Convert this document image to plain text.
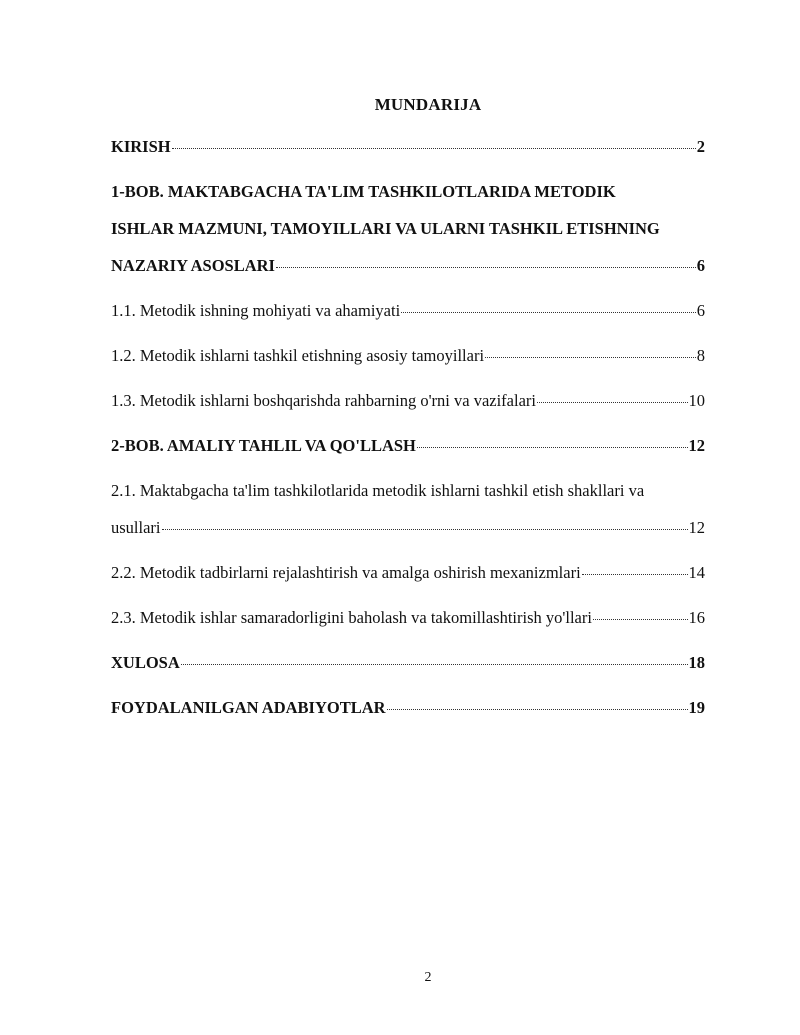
MUNDARIJA
KIRISH	2
1-BOB. MAKTABGACHA TA'LIM TASHKILOTLARIDA METODIK
ISHLAR MAZMUNI, TAMOYILLARI VA ULARNI TASHKIL ETISHNING
NAZARIY ASOSLARI	6
1.1. Metodik ishning mohiyati va ahamiyati	6
1.2. Metodik ishlarni tashkil etishning asosiy tamoyillari	8
1.3. Metodik ishlarni boshqarishda rahbarning o'rni va vazifalari	10
2-BOB. AMALIY TAHLIL VA QO'LLASH	12
2.1. Maktabgacha ta'lim tashkilotlarida metodik ishlarni tashkil etish shakllari va
usullari	12
2.2. Metodik tadbirlarni rejalashtirish va amalga oshirish mexanizmlari	14
2.3. Metodik ishlar samaradorligini baholash va takomillashtirish yo'llari	16
XULOSA	18
FOYDALANILGAN ADABIYOTLAR	19
2
